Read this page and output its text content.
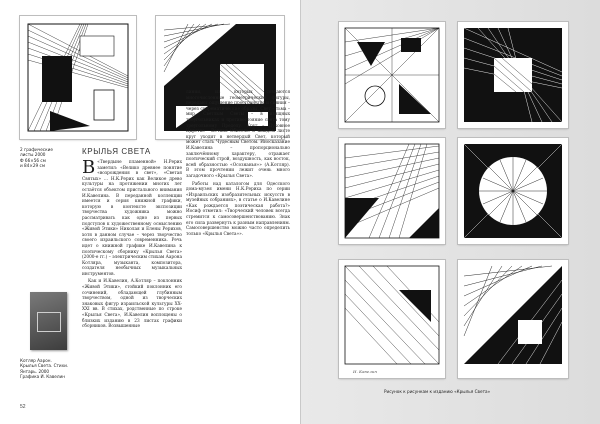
2 графические
листы 2000
Ф 66×56 см
и 84×29 см
КРЫЛЬЯ СВЕТА

В «Твердыне пламенной» Н.Рерих заметил: «Велико древнее понятие «возрождения в свет», «Светая Святых» ... Н.К.Рерих как Великое древо культуры на протяжении многих лет остаётся объектом пристального внимания И.Кавелина. В переданной коллекции имеется и серия книжной графики, которую в контексте экспозиции творчества художника можно рассматривать как одно из первых подступов к художественному осмыслению «Живой Этики» Николая и Елены Рерихов, хотя в данном случае – через творчество своего израильского современника. Речь идет о книжной графике И.Кавелина к поэтическому сборнику «Крылья Света» (2000-е гг.) – электрическим стихам Аарона Котляра, музыканта, композитора, создателя необычных музыкальных инструментов.

Как и И.Кавелин, А.Котляр – поклонник «Живой Этики», стойкий поклонник его сочинений, обладающей глубинным творчеством, одной из творческих знаковых фигур израильской культуры XX-XXI вв. В стихах, родственные по строке «Крылья Света», И.Кавелин воплощены о близких изданию в 23 листах графики сборников. Возвышенные

линии, из которых создаются многочисленные геометрические фигуры, передают ощущение пространства и сияния – через супрематические образы. Свет – тьма – мир. Светлым Светы – в изящных треугольниках и противостояние света тому треугольному Пределу. Круг – Духовное Царство – Вечная Обитель. В каждом листе круг уходит в нетвердый Свет, который может стать Чудесным Светом. Иносказание И.Кавелина – пропорционально заключённому характеру, отражает поэтический строй, воздушность, как восток, всей образностью «Осознанья»» (А.Котляр). В этом прочтении лежит очень много загадочного «Крылья Света».

Работы над каталогом для Одесского дома-музея имени Н.К.Рериха по серии «Израильских изобразительных искусств в музейных собраниях», в статье о И.Кавелине «Как рождается поэтическая работа?» Иосиф отметил: «Творческий человек всегда стремится к самосовершенствованию. Знак его сила развернуть к разным направлениям. Самосовершенство можно часто определить только «Крылья Света»».

Котляр Аарон.
Крылья Света. Стихи.
Янтарь. 2000
Графика И. Кавелин
52
И. Кавелин
Рисунок к рисункам к изданию «Крылья Света»
